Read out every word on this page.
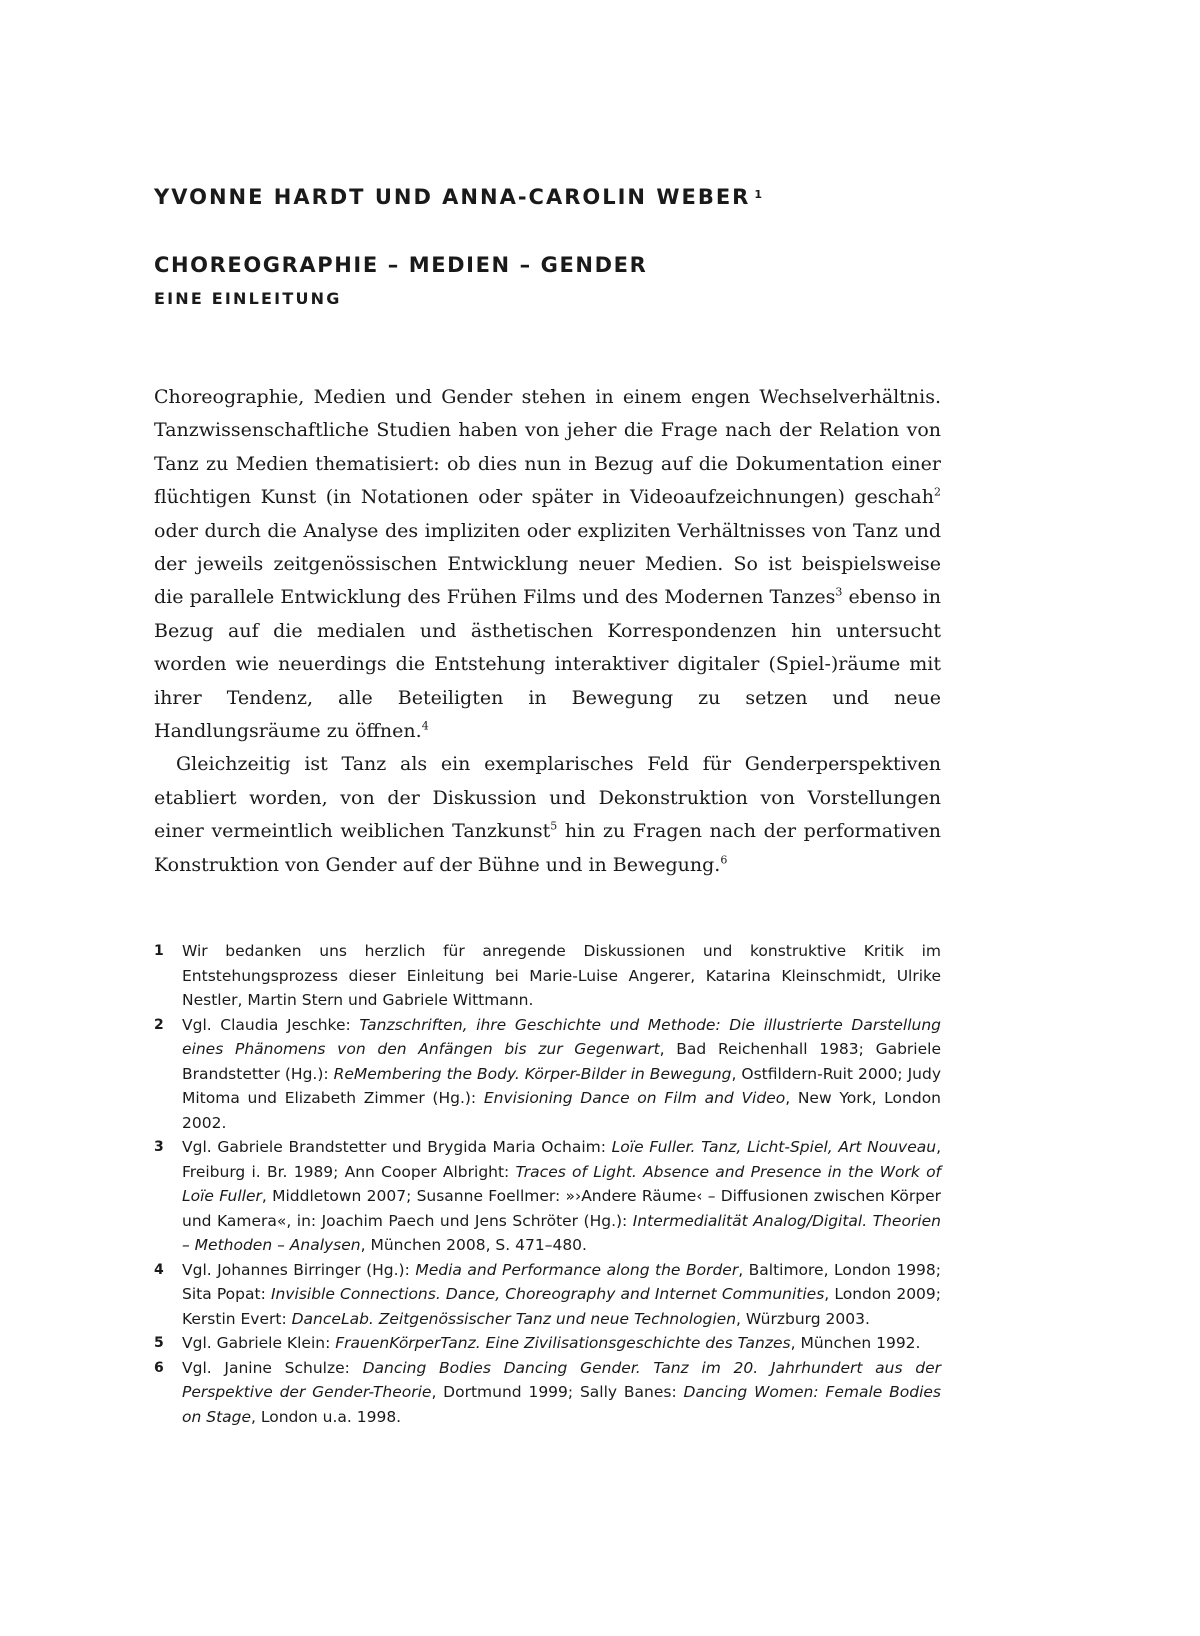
YVONNE HARDT UND ANNA-CAROLIN WEBER $^1$
CHOREOGRAPHIE – MEDIEN – GENDER
EINE EINLEITUNG

Choreographie, Medien und Gender stehen in einem engen Wechselverhältnis. Tanzwissenschaftliche Studien haben von jeher die Frage nach der Relation von Tanz zu Medien thematisiert: ob dies nun in Bezug auf die Dokumentation einer flüchtigen Kunst (in Notationen oder später in Videoaufzeichnungen) geschah$^2$ oder durch die Analyse des impliziten oder expliziten Verhältnisses von Tanz und der jeweils zeitgenössischen Entwicklung neuer Medien. So ist beispielsweise die parallele Entwicklung des Frühen Films und des Modernen Tanzes$^3$ ebenso in Bezug auf die medialen und ästhetischen Korrespondenzen hin untersucht worden wie neuerdings die Entstehung interaktiver digitaler (Spiel-)räume mit ihrer Tendenz, alle Beteiligten in Bewegung zu setzen und neue Handlungsräume zu öffnen.$^4$

Gleichzeitig ist Tanz als ein exemplarisches Feld für Genderperspektiven etabliert worden, von der Diskussion und Dekonstruktion von Vorstellungen einer vermeintlich weiblichen Tanzkunst$^5$ hin zu Fragen nach der performativen Konstruktion von Gender auf der Bühne und in Bewegung.$^6$

1	Wir bedanken uns herzlich für anregende Diskussionen und konstruktive Kritik im Entstehungsprozess dieser Einleitung bei Marie-Luise Angerer, Katarina Kleinschmidt, Ulrike Nestler, Martin Stern und Gabriele Wittmann.
2	Vgl. Claudia Jeschke: Tanzschriften, ihre Geschichte und Methode: Die illustrierte Darstellung eines Phänomens von den Anfängen bis zur Gegenwart, Bad Reichenhall 1983; Gabriele Brandstetter (Hg.): ReMembering the Body. Körper-Bilder in Bewegung, Ostfildern-Ruit 2000; Judy Mitoma und Elizabeth Zimmer (Hg.): Envisioning Dance on Film and Video, New York, London 2002.
3	Vgl. Gabriele Brandstetter und Brygida Maria Ochaim: Loïe Fuller. Tanz, Licht-Spiel, Art Nouveau, Freiburg i. Br. 1989; Ann Cooper Albright: Traces of Light. Absence and Presence in the Work of Loïe Fuller, Middletown 2007; Susanne Foellmer: »›Andere Räume‹ – Diffusionen zwischen Körper und Kamera«, in: Joachim Paech und Jens Schröter (Hg.): Intermedialität Analog/Digital. Theorien – Methoden – Analysen, München 2008, S. 471–480.
4	Vgl. Johannes Birringer (Hg.): Media and Performance along the Border, Baltimore, London 1998; Sita Popat: Invisible Connections. Dance, Choreography and Internet Communities, London 2009; Kerstin Evert: DanceLab. Zeitgenössischer Tanz und neue Technologien, Würzburg 2003.
5	Vgl. Gabriele Klein: FrauenKörperTanz. Eine Zivilisationsgeschichte des Tanzes, München 1992.
6	Vgl. Janine Schulze: Dancing Bodies Dancing Gender. Tanz im 20. Jahrhundert aus der Perspektive der Gender-Theorie, Dortmund 1999; Sally Banes: Dancing Women: Female Bodies on Stage, London u.a. 1998.
